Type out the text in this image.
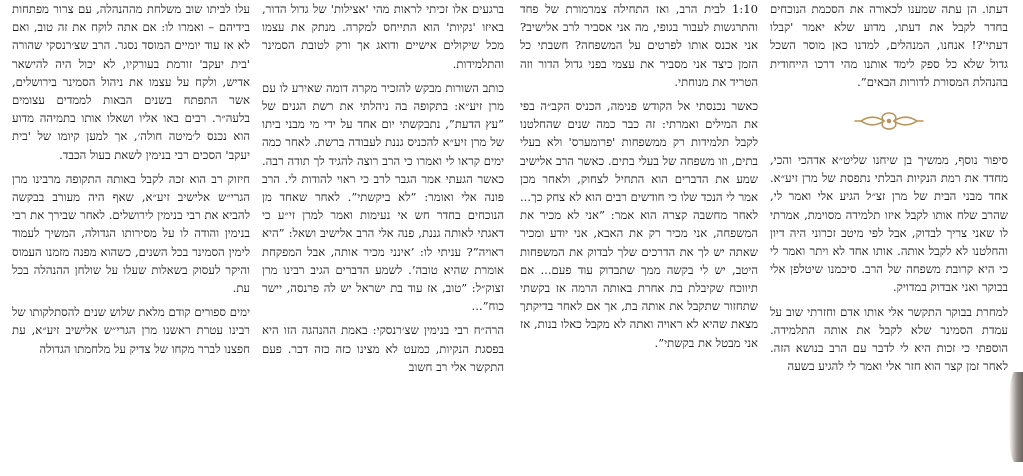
דעתו. הן עתה שמענו לכאורה את הסכמת הנוכחים בחדר לקבל את דעתו, מדוע שלא יאמר 'קבלו דעתי'?! אנחנו, המנהלים, למדנו כאן מוסר השכל גדול שלא כל ספק לימד אותנו מהי דרכו הייחודית בהנהלת המסורת לדורות הבאים”.

סיפור נוסף, ממשיך בן שיחנו שליט״א אדהכי והכי, מחדד את רמת הנקיות הבלתי נתפסת של מרן זיע״א. אחד מבני הבית של מרן זצ״ל הגיע אלי ואמר לי, שהרב שלח אותו לקבל איזו תלמידה מסוימת, אמרתי לו שאני צריך לבדוק, אבל לפי מיטב זכרוני היה דיון והחלטנו לא לקבל אותה. אותו אחד לא ויתר ואמר לי כי היא קרובת משפחה של הרב. סיכמנו שיטלפן אלי בבוקר ואני אבדוק במדויק.

למחרת בבוקר התקשר אלי אותו אדם וחזרתי שוב על עמדת הסמינר שלא לקבל את אותה התלמידה. הוספתי כי זכות היא לי לדבר עם הרב בנושא הזה. לאחר זמן קצר הוא חזר אלי ואמר לי להגיע בשעה

1:10 לבית הרב, ואז התחילה צמרמורת של פחד והתרגשות לעבור בגופי, מה אני אסביר לרב אלישיב? אני אכנס אותו לפרטים על המשפחה? חשבתי כל הזמן כיצד אני מסביר את עצמי בפני גדול הדור וזה הטריד את מנוחתי.

כאשר נכנסתי אל הקודש פנימה, הכניס הקב״ה בפי את המילים ואמרתי: זה כבר כמה שנים שהחלטנו לקבל תלמידות רק ממשפחות 'פרומערס' ולא בעלי בתים, וזו משפחה של בעלי בתים. כאשר הרב אלישיב שמע את הדברים הוא התחיל לצחוק, ולאחר מכן אמר לי הנכד שלו כי חודשים רבים הוא לא צחק כך... לאחר מחשבה קצרה הוא אמר: ”אני לא מכיר את המשפחה, אני מכיר רק את האבא, אני יודע ומכיר שאתה יש לך את הדרכים שלך לבדוק את המשפחות היטב, יש לי בקשה ממך שתבדוק עוד פעם... אם תיווכח שקיבלת בת אחרת באותה הרמה אז בקשתי שתחזור שתקבל את אותה בת, אך אם לאחר בדיקתך מצאת שהיא לא ראויה ואתה לא מקבל כאלו בנות, אז אני מבטל את בקשתי”.

ברגעים אלו זכיתי לראות מהי 'אצילות' של גדול הדור, באיזו 'נקיות' הוא התייחס למקרה. מנתק את עצמו מכל שיקולים אישיים ודואג אך ורק לטובת הסמינר והתלמידות.

כותב השורות מבקש להזכיר מקרה דומה שאירע לו עם מרן זיע״א: בתקופה בה ניהלתי את רשת הגנים של ”עץ הדעת”, נתבקשתי יום אחד על ידי מי מבני ביתו של מרן זיע״א להכניס גננת לעבודה ברשת. לאחר כמה ימים קראו לי ואמרו כי הרב רוצה להגיד לך תודה רבה. כאשר הגעתי אמר הגבר לרב כי ראוי להודות לי. הרב פונה אלי ואומר: ”לא ביקשתי”. לאחר שאחד מן הנוכחים בחדר חש אי נעימות ואמר למרן זי״ע כי דאגתי לאותה גננת, פנה אלי הרב אלישיב ושאל: ”היא ראויה”? עניתי לו: ’אינני מכיר אותה, אבל המפקחת אומרת שהיא טובה’. לשמע הדברים הגיב רבינו מרן זצוק״ל: ”טוב, אז עוד בת ישראל יש לה פרנסה, יישר כוח”...

הרה״ח רבי בנימין שצ׳רנסקי: באמת ההנהגה הזו היא בפסגת הנקיות, כמעט לא מצינו כזה כזה דבר. פעם התקשר אלי רב חשוב

עלו לביתו שוב משלחת מההנהלה, עם צרור מפתחות בידיהם – ואמרו לו: אם אתה לוקח את זה טוב, ואם לא אז עוד יומיים המוסד נסגר. הרב שצ׳רנסקי שהורה 'בית יעקב' זורמת בעורקיו, לא יכול היה להישאר אדיש, ולקח על עצמו את ניהול הסמינר בירושלים, אשר התפתח בשנים הבאות לממדים עצומים בלעה״ר. רבים באו אליו ושאלו אותו בתמיהה מדוע הוא נכנס ל׳מיטה חולה׳, אך למען קיומו של 'בית יעקב' הסכים רבי בנימין לשאת בעול הכבד.

חיזוק רב הוא זכה לקבל באותה התקופה מרבינו מרן הגרי״ש אלישיב זיע״א, שאף היה מעורב בבקשה להביא את רבי בנימין לירושלים. לאחר שבירך את רבי בנימין והודה לו על מסירותו הגדולה, המשיך לעמוד לימין הסמינר בכל השנים, כשהוא מפנה מזמנו העמוס והיקר לעסוק בשאלות שעלו על שולחן ההנהלה בכל עת.

ימים ספורים קודם מלאת שלוש שנים להסתלקותו של רבינו עטרת ראשנו מרן הגרי״ש אלישיב זיע״א, עת חפצנו לברר מקחו של צדיק על מלחמתו הגדולה
